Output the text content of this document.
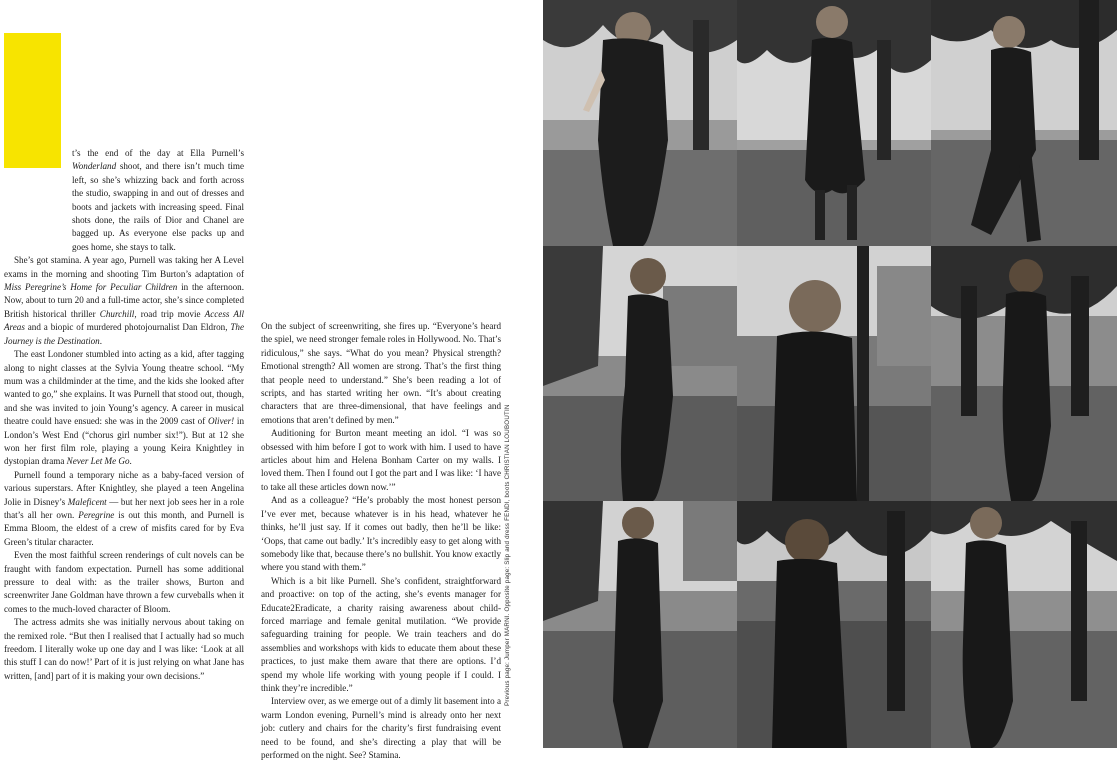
t’s the end of the day at Ella Purnell’s Wonderland shoot, and there isn’t much time left, so she’s whizzing back and forth across the studio, swapping in and out of dresses and boots and jackets with increasing speed. Final shots done, the rails of Dior and Chanel are bagged up. As everyone else packs up and goes home, she stays to talk.

She’s got stamina. A year ago, Purnell was taking her A Level exams in the morning and shooting Tim Burton’s adaptation of Miss Peregrine’s Home for Peculiar Children in the afternoon. Now, about to turn 20 and a full-time actor, she’s since completed British historical thriller Churchill, road trip movie Access All Areas and a biopic of murdered photojournalist Dan Eldron, The Journey is the Destination.

The east Londoner stumbled into acting as a kid, after tagging along to night classes at the Sylvia Young theatre school. “My mum was a childminder at the time, and the kids she looked after wanted to go,” she explains. It was Purnell that stood out, though, and she was invited to join Young’s agency. A career in musical theatre could have ensued: she was in the 2009 cast of Oliver! in London’s West End (“chorus girl number six!”). But at 12 she won her first film role, playing a young Keira Knightley in dystopian drama Never Let Me Go.

Purnell found a temporary niche as a baby-faced version of various superstars. After Knightley, she played a teen Angelina Jolie in Disney’s Maleficent — but her next job sees her in a role that’s all her own. Peregrine is out this month, and Purnell is Emma Bloom, the eldest of a crew of misfits cared for by Eva Green’s titular character.

Even the most faithful screen renderings of cult novels can be fraught with fandom expectation. Purnell has some additional pressure to deal with: as the trailer shows, Burton and screenwriter Jane Goldman have thrown a few curveballs when it comes to the much-loved character of Bloom.

The actress admits she was initially nervous about taking on the remixed role. “But then I realised that I actually had so much freedom. I literally woke up one day and I was like: ‘Look at all this stuff I can do now!’ Part of it is just relying on what Jane has written, [and] part of it is making your own decisions.”

On the subject of screenwriting, she fires up. “Everyone’s heard the spiel, we need stronger female roles in Hollywood. No. That’s ridiculous,” she says. “What do you mean? Physical strength? Emotional strength? All women are strong. That’s the first thing that people need to understand.” She’s been reading a lot of scripts, and has started writing her own. “It’s about creating characters that are three-dimensional, that have feelings and emotions that aren’t defined by men.”

Auditioning for Burton meant meeting an idol. “I was so obsessed with him before I got to work with him. I used to have articles about him and Helena Bonham Carter on my walls. I loved them. Then I found out I got the part and I was like: ‘I have to take all these articles down now.’”

And as a colleague? “He’s probably the most honest person I’ve ever met, because whatever is in his head, whatever he thinks, he’ll just say. If it comes out badly, then he’ll be like: ‘Oops, that came out badly.’ It’s incredibly easy to get along with somebody like that, because there’s no bullshit. You know exactly where you stand with them.”

Which is a bit like Purnell. She’s confident, straightforward and proactive: on top of the acting, she’s events manager for Educate2Eradicate, a charity raising awareness about child-forced marriage and female genital mutilation. “We provide safeguarding training for people. We train teachers and do assemblies and workshops with kids to educate them about these practices, to just make them aware that there are options. I’d spend my whole life working with young people if I could. I think they’re incredible.”

Interview over, as we emerge out of a dimly lit basement into a warm London evening, Purnell’s mind is already onto her next job: cutlery and chairs for the charity’s first fundraising event need to be found, and she’s directing a play that will be performed on the night. See? Stamina.

Previous page: Jumper MARNI. Opposite page: Slip and dress FENDI, boots CHRISTIAN LOUBOUTIN
